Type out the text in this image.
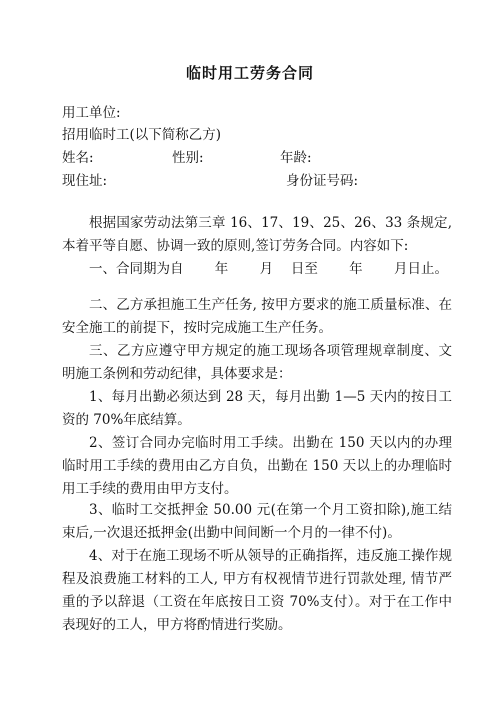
临时用工劳务合同
用工单位:
招用临时工(以下简称乙方)
姓名:	性别:	年龄:
现住址:	身份证号码:
根据国家劳动法第三章 16、17、19、25、26、33 条规定,本着平等自愿、协调一致的原则,签订劳务合同。内容如下:
一、合同期为自　　 年　　 月　 日至　　 年　　 月日止。
二、乙方承担施工生产任务, 按甲方要求的施工质量标准、在安全施工的前提下，按时完成施工生产任务。
三、乙方应遵守甲方规定的施工现场各项管理规章制度、文明施工条例和劳动纪律，具体要求是：
1、每月出勤必须达到 28 天，每月出勤 1—5 天内的按日工资的 70%年底结算。
2、签订合同办完临时用工手续。出勤在 150 天以内的办理临时用工手续的费用由乙方自负，出勤在 150 天以上的办理临时用工手续的费用由甲方支付。
3、临时工交抵押金 50.00 元(在第一个月工资扣除),施工结束后,一次退还抵押金(出勤中间间断一个月的一律不付)。
4、对于在施工现场不听从领导的正确指挥，违反施工操作规程及浪费施工材料的工人, 甲方有权视情节进行罚款处理, 情节严重的予以辞退（工资在年底按日工资 70%支付）。对于在工作中表现好的工人，甲方将酌情进行奖励。
